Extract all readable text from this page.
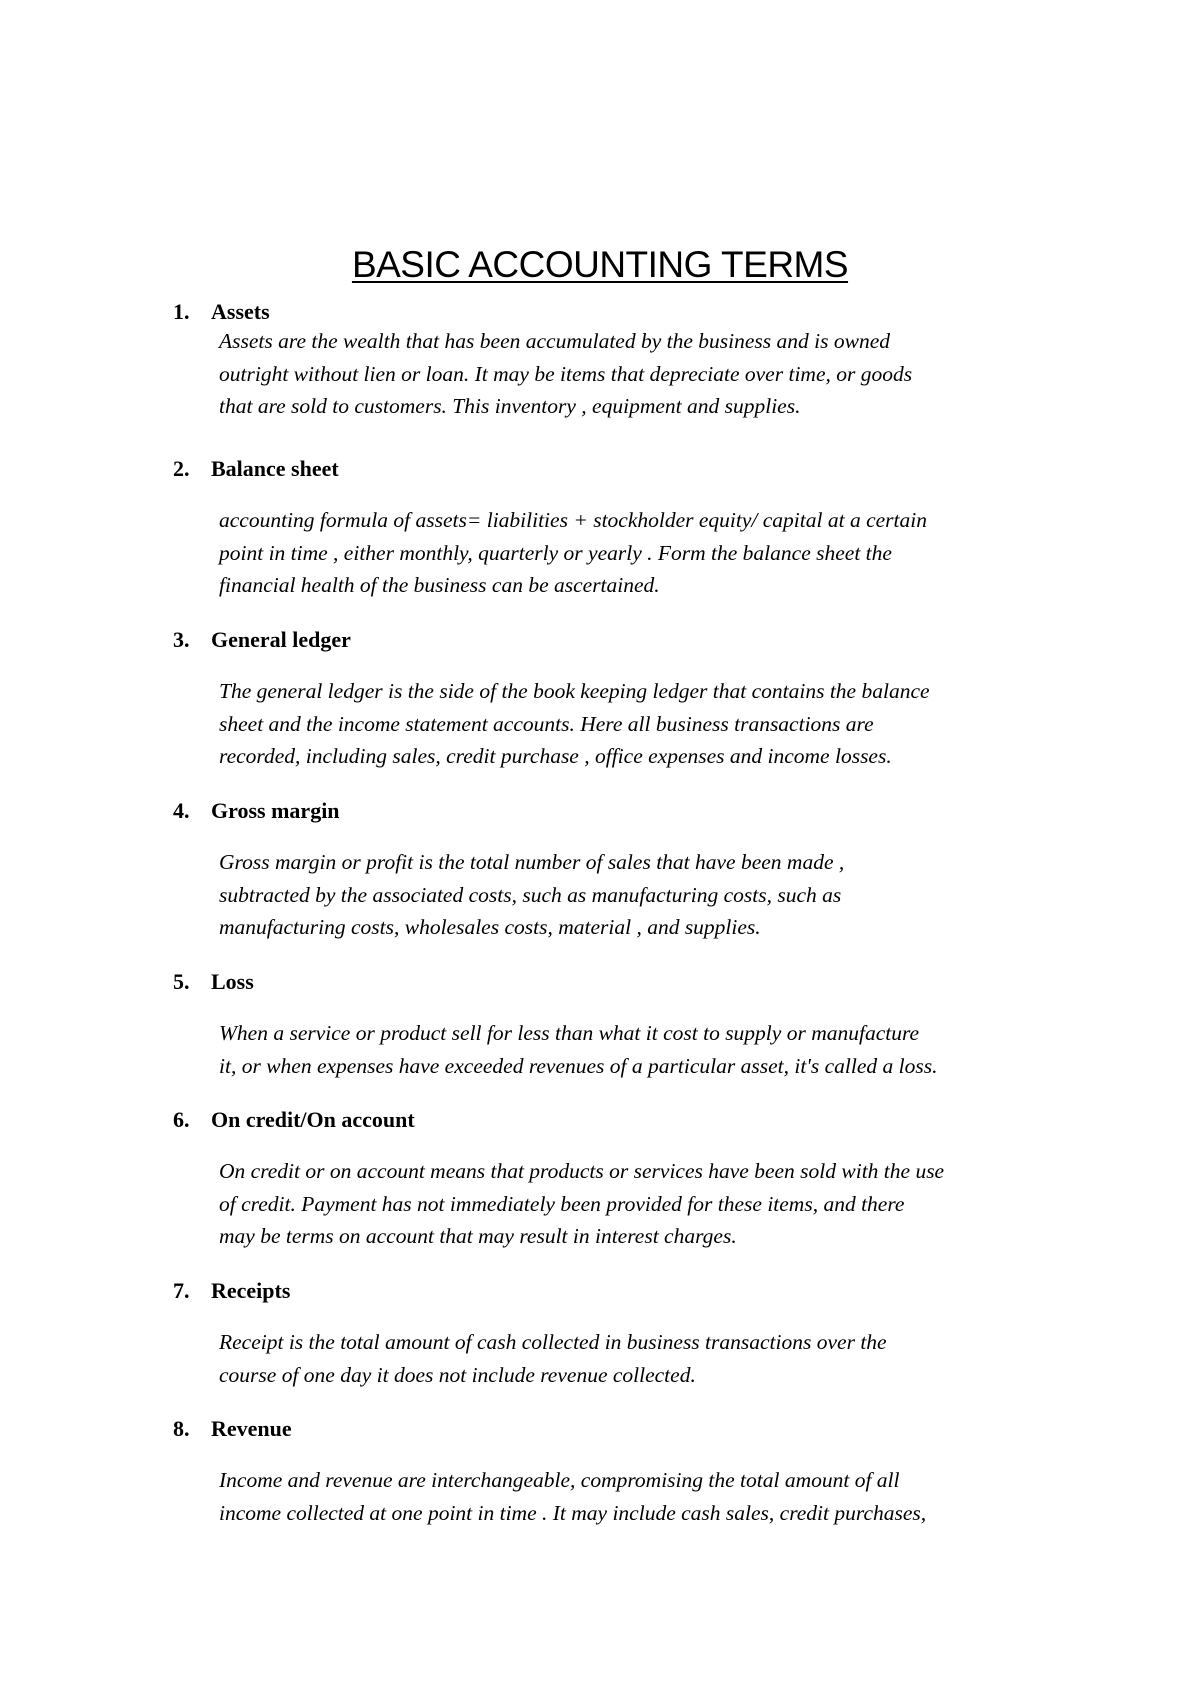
BASIC ACCOUNTING TERMS
1. Assets
Assets are the wealth that has been accumulated by the business and is owned
outright without lien or loan. It may be items that depreciate over time, or goods
that are sold to customers. This inventory , equipment and supplies.
2. Balance sheet
accounting formula of assets= liabilities + stockholder equity/ capital at a certain
point in time , either monthly, quarterly or yearly . Form the balance sheet the
financial health of the business can be ascertained.
3. General ledger
The general ledger is the side of the book keeping ledger that contains the balance
sheet and the income statement accounts. Here all business transactions are
recorded, including sales, credit purchase , office expenses and income losses.
4. Gross margin
Gross margin or profit is the total number of sales that have been made ,
subtracted by the associated costs, such as manufacturing costs, such as
manufacturing costs, wholesales costs, material , and supplies.
5. Loss
When a service or product sell for less than what it cost to supply or manufacture
it, or when expenses have exceeded revenues of a particular asset, it's called a loss.
6. On credit/On account
On credit or on account means that products or services have been sold with the use
of credit. Payment has not immediately been provided for these items, and there
may be terms on account that may result in interest charges.
7. Receipts
Receipt is the total amount of cash collected in business transactions over the
course of one day it does not include revenue collected.
8. Revenue
Income and revenue are interchangeable, compromising the total amount of all
income collected at one point in time . It may include cash sales, credit purchases,
